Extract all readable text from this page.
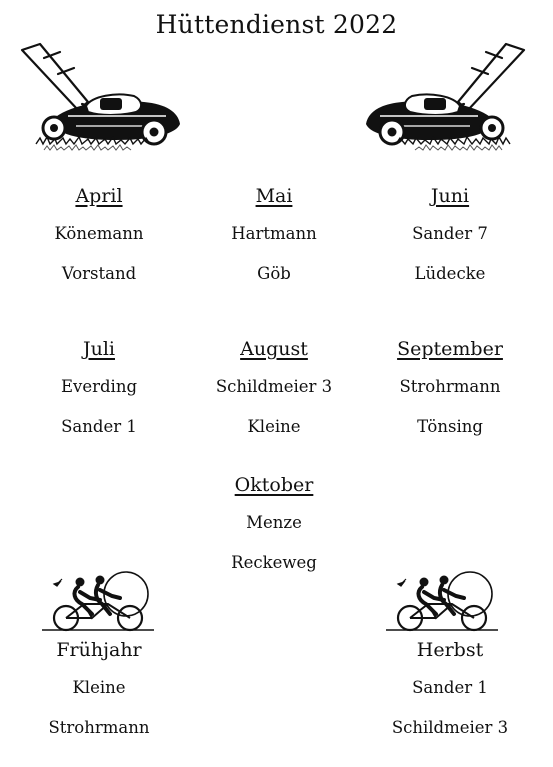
Hüttendienst 2022
April
Könemann
Vorstand
Mai
Hartmann
Göb
Juni
Sander 7
Lüdecke
Juli
Everding
Sander 1
August
Schildmeier 3
Kleine
September
Strohrmann
Tönsing
Oktober
Menze
Reckeweg
Frühjahr
Kleine
Strohrmann
Herbst
Sander 1
Schildmeier 3
